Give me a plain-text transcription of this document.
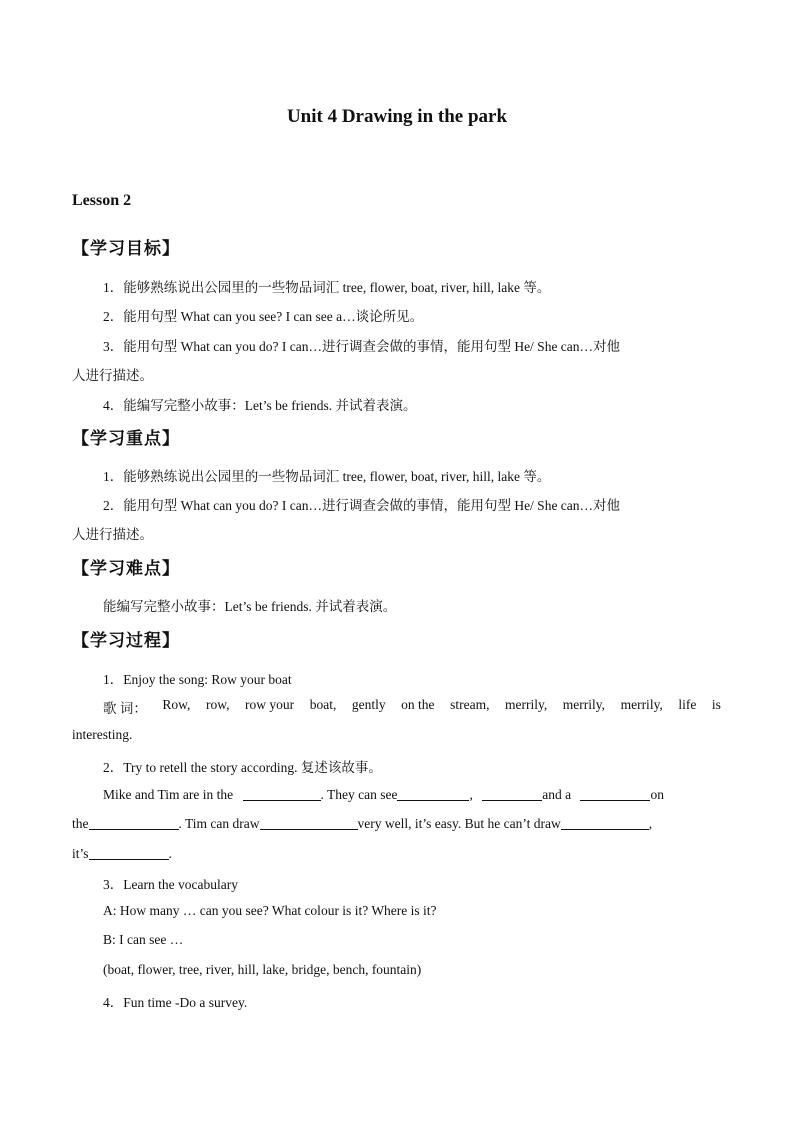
Unit 4 Drawing in the park
Lesson 2
【学习目标】
1．能够熟练说出公园里的一些物品词汇 tree, flower, boat, river, hill, lake 等。
2．能用句型 What can you see? I can see a…谈论所见。
3．能用句型 What can you do? I can…进行调查会做的事情，能用句型 He/ She can…对他
人进行描述。
4．能编写完整小故事：Let’s be friends. 并试着表演。
【学习重点】
1．能够熟练说出公园里的一些物品词汇 tree, flower, boat, river, hill, lake 等。
2．能用句型 What can you do? I can…进行调查会做的事情，能用句型 He/ She can…对他
人进行描述。
【学习难点】
能编写完整小故事：Let’s be friends. 并试着表演。
【学习过程】
1．Enjoy the song: Row your boat
歌 词： Row, row, row your boat, gently on the stream, merrily, merrily, merrily, life is
interesting.
2．Try to retell the story according. 复述该故事。
Mike and Tim are in the	. They can see	,	and a	on
the	. Tim can draw	very well, it’s easy. But he can’t draw	,
it’s	.
3．Learn the vocabulary
A: How many … can you see? What colour is it? Where is it?
B: I can see …
(boat, flower, tree, river, hill, lake, bridge, bench, fountain)
4．Fun time -Do a survey.
